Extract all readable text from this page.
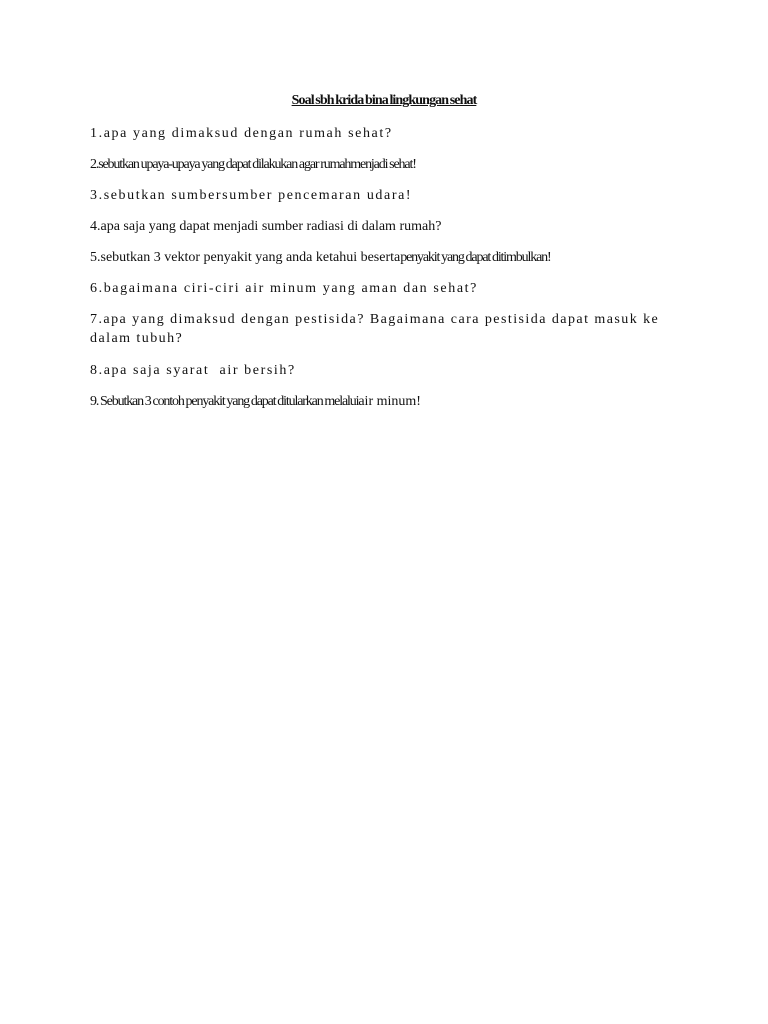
Soal sbh krida bina lingkungan sehat
1.apa yang dimaksud dengan rumah sehat?
2.sebutkan upaya-upaya yang dapat dilakukan agar rumahmenjadi sehat!
3.sebutkan sumbersumber pencemaran udara!
4.apa saja yang dapat menjadi sumber radiasi di dalam rumah?
5.sebutkan 3 vektor penyakit yang anda ketahui besertapenyakit yang dapat ditimbulkan!
6.bagaimana ciri-ciri air minum yang aman dan sehat?
7.apa yang dimaksud dengan pestisida? Bagaimana cara pestisida dapat masuk ke dalam tubuh?
8.apa saja syarat  air bersih?
9. Sebutkan 3 contoh penyakit yang dapat ditularkan melaluiair minum!
